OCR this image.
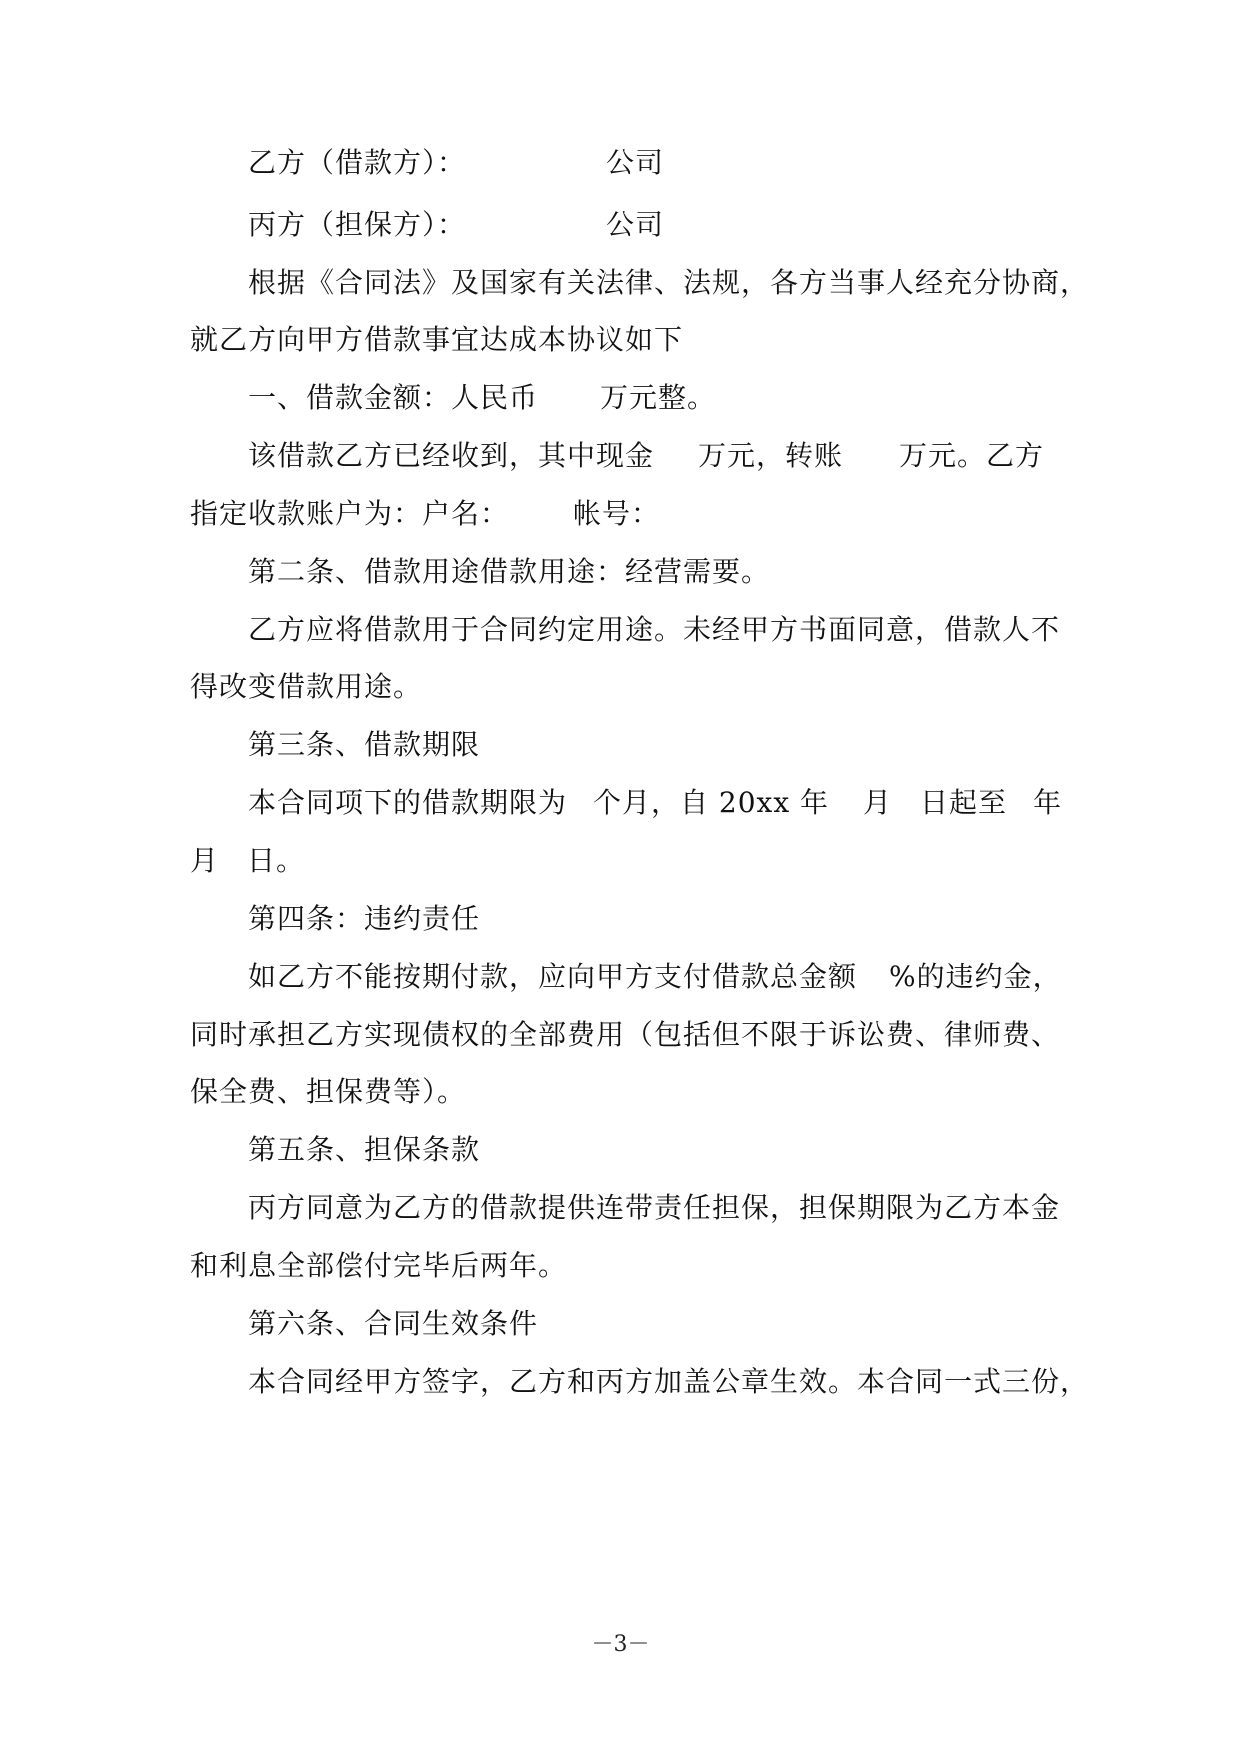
乙方（借款方）：	公司
丙方（担保方）：	公司
根据《合同法》及国家有关法律、法规，各方当事人经充分协商，
就乙方向甲方借款事宜达成本协议如下
一、借款金额：人民币 万元整。
该借款乙方已经收到，其中现金 万元，转账 万元。乙方
指定收款账户为：户名： 帐号：
第二条、借款用途借款用途：经营需要。
乙方应将借款用于合同约定用途。未经甲方书面同意，借款人不
得改变借款用途。
第三条、借款期限
本合同项下的借款期限为 个月，自 20xx 年 月 日起至 年
月 日。
第四条：违约责任
如乙方不能按期付款，应向甲方支付借款总金额 %的违约金，
同时承担乙方实现债权的全部费用（包括但不限于诉讼费、律师费、
保全费、担保费等）。
第五条、担保条款
丙方同意为乙方的借款提供连带责任担保，担保期限为乙方本金
和利息全部偿付完毕后两年。
第六条、合同生效条件
本合同经甲方签字，乙方和丙方加盖公章生效。本合同一式三份，
－3－
